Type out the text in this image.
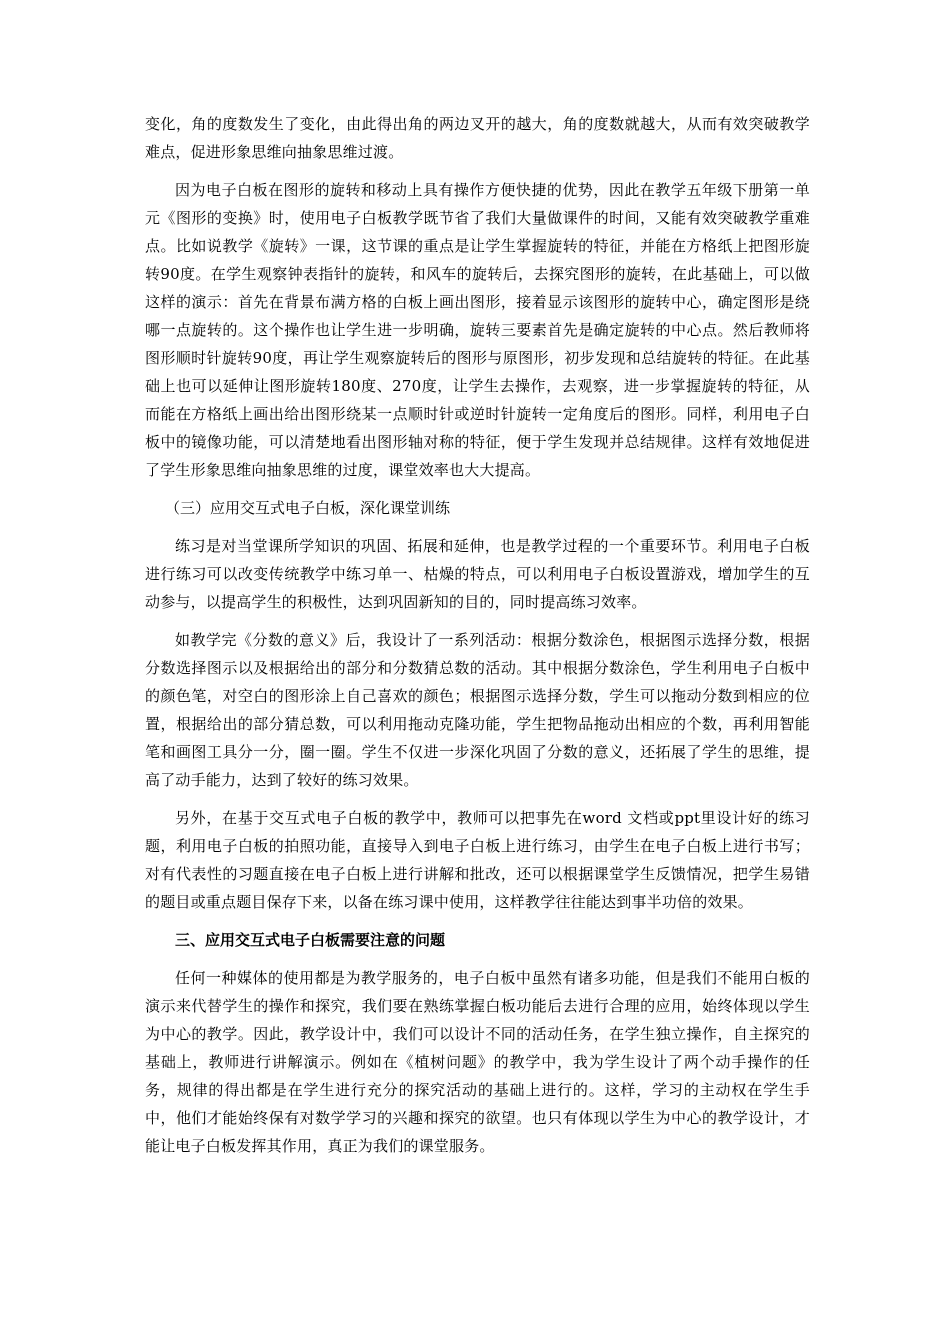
变化，角的度数发生了变化，由此得出角的两边叉开的越大，角的度数就越大，从而有效突破教学难点，促进形象思维向抽象思维过渡。

因为电子白板在图形的旋转和移动上具有操作方便快捷的优势，因此在教学五年级下册第一单元《图形的变换》时，使用电子白板教学既节省了我们大量做课件的时间，又能有效突破教学重难点。比如说教学《旋转》一课，这节课的重点是让学生掌握旋转的特征，并能在方格纸上把图形旋转90度。在学生观察钟表指针的旋转，和风车的旋转后，去探究图形的旋转，在此基础上，可以做这样的演示：首先在背景布满方格的白板上画出图形，接着显示该图形的旋转中心，确定图形是绕哪一点旋转的。这个操作也让学生进一步明确，旋转三要素首先是确定旋转的中心点。然后教师将图形顺时针旋转90度，再让学生观察旋转后的图形与原图形，初步发现和总结旋转的特征。在此基础上也可以延伸让图形旋转180度、270度，让学生去操作，去观察，进一步掌握旋转的特征，从而能在方格纸上画出给出图形绕某一点顺时针或逆时针旋转一定角度后的图形。同样，利用电子白板中的镜像功能，可以清楚地看出图形轴对称的特征，便于学生发现并总结规律。这样有效地促进了学生形象思维向抽象思维的过度，课堂效率也大大提高。

（三）应用交互式电子白板，深化课堂训练

练习是对当堂课所学知识的巩固、拓展和延伸，也是教学过程的一个重要环节。利用电子白板进行练习可以改变传统教学中练习单一、枯燥的特点，可以利用电子白板设置游戏，增加学生的互动参与，以提高学生的积极性，达到巩固新知的目的，同时提高练习效率。

如教学完《分数的意义》后，我设计了一系列活动：根据分数涂色，根据图示选择分数，根据分数选择图示以及根据给出的部分和分数猜总数的活动。其中根据分数涂色，学生利用电子白板中的颜色笔，对空白的图形涂上自己喜欢的颜色；根据图示选择分数，学生可以拖动分数到相应的位置，根据给出的部分猜总数，可以利用拖动克隆功能，学生把物品拖动出相应的个数，再利用智能笔和画图工具分一分，圈一圈。学生不仅进一步深化巩固了分数的意义，还拓展了学生的思维，提高了动手能力，达到了较好的练习效果。

另外，在基于交互式电子白板的教学中，教师可以把事先在word 文档或ppt里设计好的练习题，利用电子白板的拍照功能，直接导入到电子白板上进行练习，由学生在电子白板上进行书写；对有代表性的习题直接在电子白板上进行讲解和批改，还可以根据课堂学生反馈情况，把学生易错的题目或重点题目保存下来，以备在练习课中使用，这样教学往往能达到事半功倍的效果。

三、应用交互式电子白板需要注意的问题

任何一种媒体的使用都是为教学服务的，电子白板中虽然有诸多功能，但是我们不能用白板的演示来代替学生的操作和探究，我们要在熟练掌握白板功能后去进行合理的应用，始终体现以学生为中心的教学。因此，教学设计中，我们可以设计不同的活动任务，在学生独立操作，自主探究的基础上，教师进行讲解演示。例如在《植树问题》的教学中，我为学生设计了两个动手操作的任务，规律的得出都是在学生进行充分的探究活动的基础上进行的。这样，学习的主动权在学生手中，他们才能始终保有对数学学习的兴趣和探究的欲望。也只有体现以学生为中心的教学设计，才能让电子白板发挥其作用，真正为我们的课堂服务。
